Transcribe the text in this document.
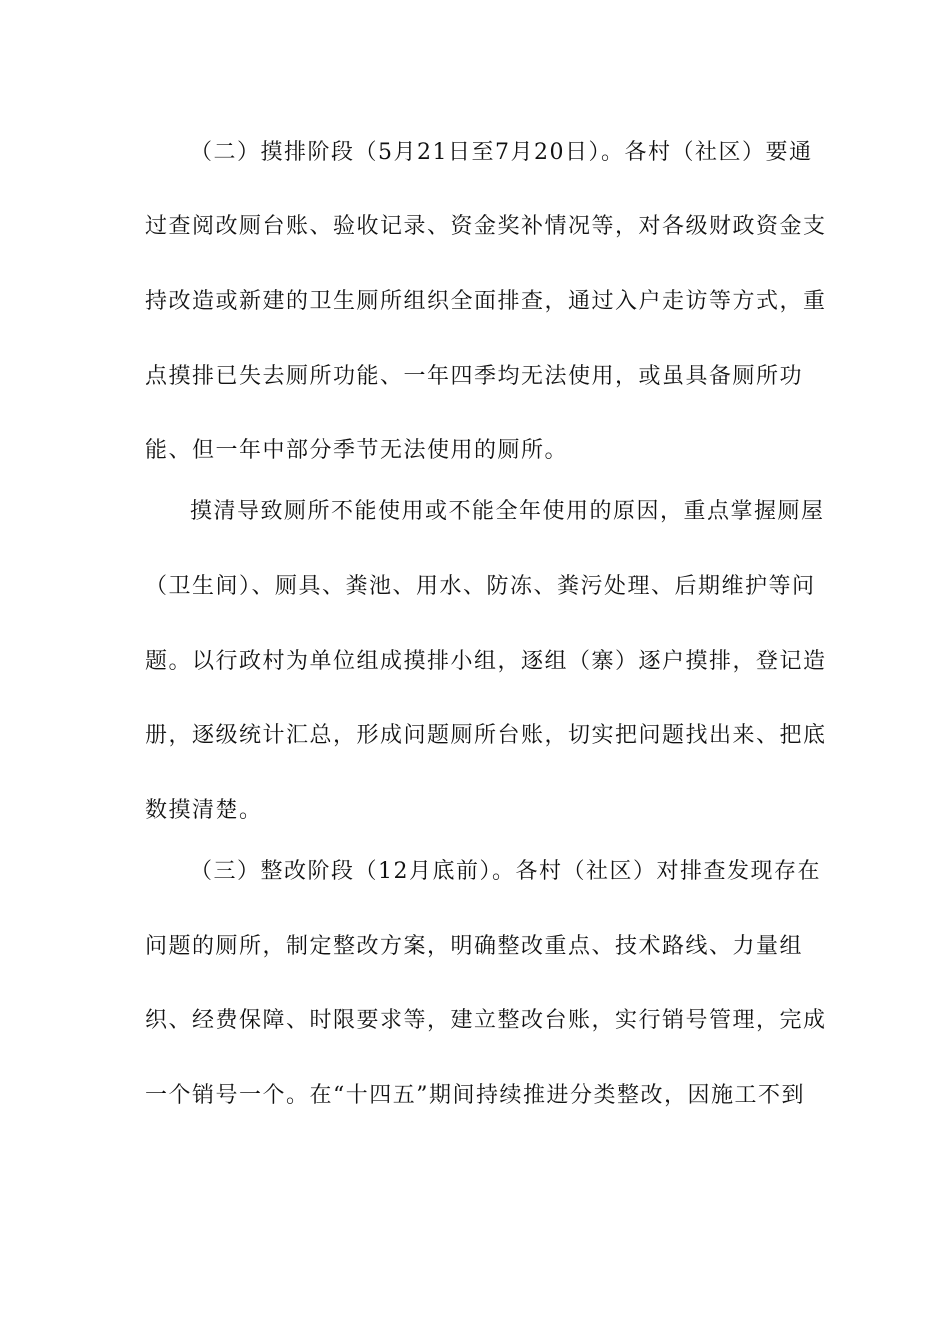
（二）摸排阶段（5月21日至7月20日）。各村（社区）要通
过查阅改厕台账、验收记录、资金奖补情况等，对各级财政资金支
持改造或新建的卫生厕所组织全面排查，通过入户走访等方式，重
点摸排已失去厕所功能、一年四季均无法使用，或虽具备厕所功
能、但一年中部分季节无法使用的厕所。
摸清导致厕所不能使用或不能全年使用的原因，重点掌握厕屋
（卫生间）、厕具、粪池、用水、防冻、粪污处理、后期维护等问
题。以行政村为单位组成摸排小组，逐组（寨）逐户摸排，登记造
册，逐级统计汇总，形成问题厕所台账，切实把问题找出来、把底
数摸清楚。
（三）整改阶段（12月底前）。各村（社区）对排查发现存在
问题的厕所，制定整改方案，明确整改重点、技术路线、力量组
织、经费保障、时限要求等，建立整改台账，实行销号管理，完成
一个销号一个。在“十四五”期间持续推进分类整改，因施工不到
